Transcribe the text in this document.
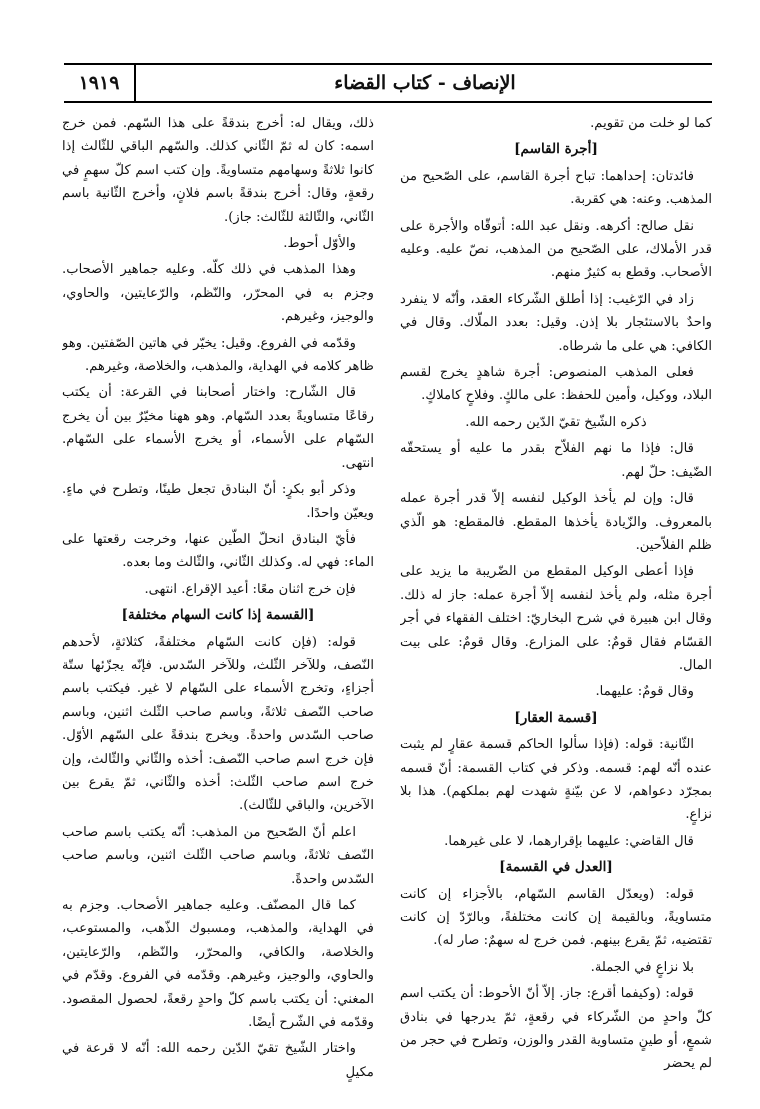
١٩١٩	الإنصاف - كتاب القضاء

كما لو خلت من تقويم.

[أجرة القاسم]

فائدتان: إحداهما: تباح أجرة القاسم، على الصّحيح من المذهب. وعنه: هي كقربة.

نقل صالح: أكرهه. ونقل عبد الله: أتوقّاه والأجرة على قدر الأملاك، على الصّحيح من المذهب، نصّ عليه. وعليه الأصحاب. وقطع به كثيرٌ منهم.

زاد في الرّغيب: إذا أطلق الشّركاء العقد، وأنّه لا ينفرد واحدٌ بالاستئجار بلا إذن. وقيل: بعدد الملّاك. وقال في الكافي: هي على ما شرطاه.

فعلى المذهب المنصوص: أجرة شاهدٍ يخرج لقسم البلاد، ووكيل، وأمين للحفظ: على مالكٍ. وفلاحٍ كاملاكٍ.

ذكره الشّيخ تقيّ الدّين رحمه الله.

قال: فإذا ما نهم الفلاّح بقدر ما عليه أو يستحقّه الضّيف: حلّ لهم.

قال: وإن لم يأخذ الوكيل لنفسه إلاّ قدر أجرة عمله بالمعروف. والزّيادة يأخذها المقطع. فالمقطع: هو الّذي ظلم الفلاّحين.

فإذا أعطى الوكيل المقطع من الضّريبة ما يزيد على أجرة مثله، ولم يأخذ لنفسه إلاّ أجرة عمله: جاز له ذلك. وقال ابن هبيرة في شرح البخاريّ: اختلف الفقهاء في أجر القسّام فقال قومٌ: على المزارع. وقال قومٌ: على بيت المال.

وقال قومٌ: عليهما.

[قسمة العقار]

الثّانية: قوله: (فإذا سألوا الحاكم قسمة عقارٍ لم يثبت عنده أنّه لهم: قسمه. وذكر في كتاب القسمة: أنّ قسمه بمجرّد دعواهم، لا عن بيّنةٍ شهدت لهم بملكهم). هذا بلا نزاعٍ.

قال القاضي: عليهما بإقرارهما، لا على غيرهما.

[العدل في القسمة]

قوله: (ويعدّل القاسم السّهام، بالأجزاء إن كانت متساويةً، وبالقيمة إن كانت مختلفةً، وبالرّدّ إن كانت تقتضيه، ثمّ يقرع بينهم. فمن خرج له سهمٌ: صار له).

بلا نزاعٍ في الجملة.

قوله: (وكيفما أقرع: جاز. إلاّ أنّ الأحوط: أن يكتب اسم كلّ واحدٍ من الشّركاء في رقعةٍ، ثمّ يدرجها في بنادق شمعٍ، أو طينٍ متساوية القدر والوزن، وتطرح في حجر من لم يحضر

ذلك، ويقال له: أخرج بندقةً على هذا السّهم. فمن خرج اسمه: كان له ثمّ الثّاني كذلك. والسّهم الباقي للثّالث إذا كانوا ثلاثةً وسهامهم متساويةً. وإن كتب اسم كلّ سهمٍ في رقعةٍ، وقال: أخرج بندقةً باسم فلانٍ، وأخرج الثّانية باسم الثّاني، والثّالثة للثّالث: جاز).

والأوّل أحوط.

وهذا المذهب في ذلك كلّه. وعليه جماهير الأصحاب. وجزم به في المحرّر، والنّظم، والرّعايتين، والحاوي، والوجيز، وغيرهم.

وقدّمه في الفروع. وقيل: يخيّر في هاتين الصّفتين. وهو ظاهر كلامه في الهداية، والمذهب، والخلاصة، وغيرهم.

قال الشّارح: واختار أصحابنا في القرعة: أن يكتب رقاعًا متساويةً بعدد السّهام. وهو ههنا مخيّرٌ بين أن يخرج السّهام على الأسماء، أو يخرج الأسماء على السّهام. انتهى.

وذكر أبو بكرٍ: أنّ البنادق تجعل طينًا، وتطرح في ماءٍ. ويعيّن واحدًا.

فأيّ البنادق انحلّ الطّين عنها، وخرجت رقعتها على الماء: فهي له. وكذلك الثّاني، والثّالث وما بعده.

فإن خرج اثنان معًا: أعيد الإقراع. انتهى.

[القسمة إذا كانت السهام مختلفة]

قوله: (فإن كانت السّهام مختلفةً، كثلاثةٍ، لأحدهم النّصف، وللآخر الثّلث، وللآخر السّدس. فإنّه يجزّئها ستّة أجزاءٍ، وتخرج الأسماء على السّهام لا غير. فيكتب باسم صاحب النّصف ثلاثةً، وباسم صاحب الثّلث اثنين، وباسم صاحب السّدس واحدةً. ويخرج بندقةً على السّهم الأوّل. فإن خرج اسم صاحب النّصف: أخذه والثّاني والثّالث، وإن خرج اسم صاحب الثّلث: أخذه والثّاني، ثمّ يقرع بين الآخرين، والباقي للثّالث).

اعلم أنّ الصّحيح من المذهب: أنّه يكتب باسم صاحب النّصف ثلاثةً، وباسم صاحب الثّلث اثنين، وباسم صاحب السّدس واحدةً.

كما قال المصنّف. وعليه جماهير الأصحاب. وجزم به في الهداية، والمذهب، ومسبوك الذّهب، والمستوعب، والخلاصة، والكافي، والمحرّر، والنّظم، والرّعايتين، والحاوي، والوجيز، وغيرهم. وقدّمه في الفروع. وقدّم في المغني: أن يكتب باسم كلّ واحدٍ رقعةً، لحصول المقصود. وقدّمه في الشّرح أيضًا.

واختار الشّيخ تقيّ الدّين رحمه الله: أنّه لا قرعة في مكيلٍ
